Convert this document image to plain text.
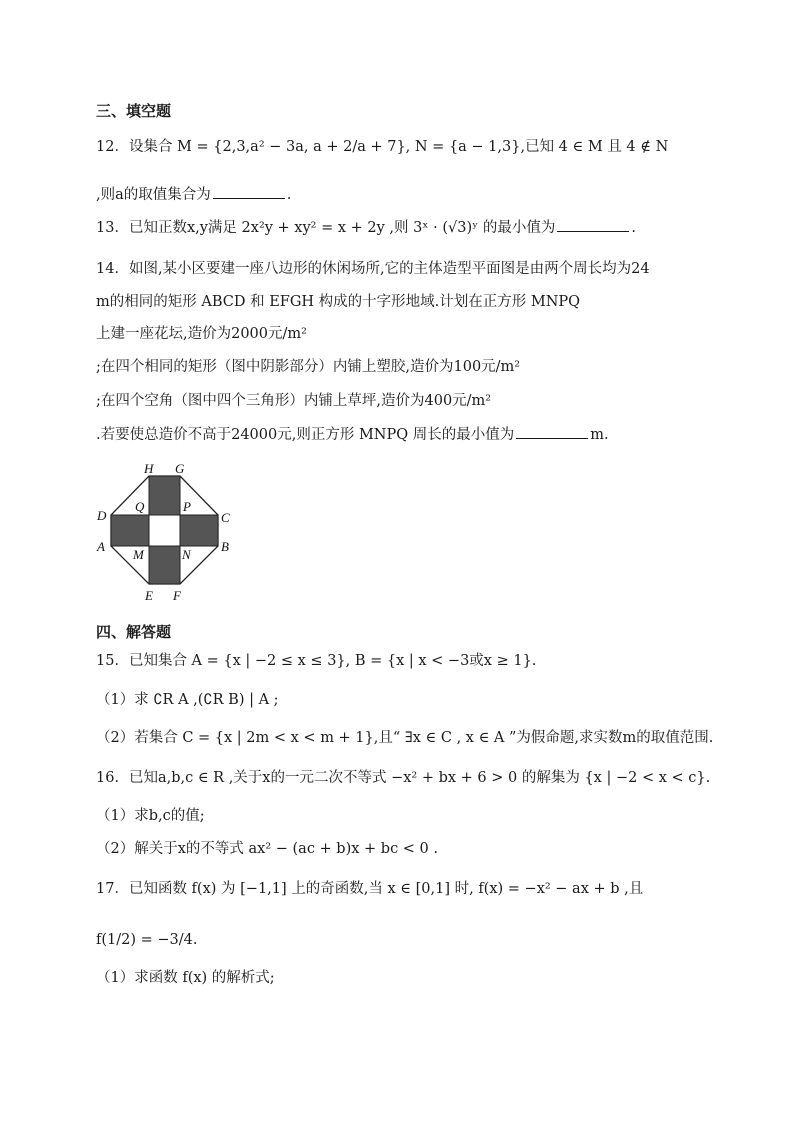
三、填空题
12．设集合 M = {2,3,a² − 3a, a + 2/a + 7}, N = {a − 1,3},已知 4 ∈ M 且 4 ∉ N
,则a的取值集合为	.
13．已知正数x,y满足 2x²y + xy² = x + 2y ,则 3ˣ · (√3)ʸ 的最小值为	.
14．如图,某小区要建一座八边形的休闲场所,它的主体造型平面图是由两个周长均为24
m的相同的矩形 ABCD 和 EFGH 构成的十字形地域.计划在正方形 MNPQ
上建一座花坛,造价为2000元/m²
;在四个相同的矩形（图中阴影部分）内铺上塑胶,造价为100元/m²
;在四个空角（图中四个三角形）内铺上草坪,造价为400元/m²
.若要使总造价不高于24000元,则正方形 MNPQ 周长的最小值为	m.
H G
Q	P
D	C
A	B
M	N
E F
四、解答题
15．已知集合 A = {x | −2 ≤ x ≤ 3}, B = {x | x < −3或x ≥ 1}.
（1）求 ∁R A ,(∁R B) | A ;
（2）若集合 C = {x | 2m < x < m + 1},且“ ∃x ∈ C , x ∈ A ”为假命题,求实数m的取值范围.
16．已知a,b,c ∈ R ,关于x的一元二次不等式 −x² + bx + 6 > 0 的解集为 {x | −2 < x < c}.
（1）求b,c的值;
（2）解关于x的不等式 ax² − (ac + b)x + bc < 0 .
17．已知函数 f(x) 为 [−1,1] 上的奇函数,当 x ∈ [0,1] 时, f(x) = −x² − ax + b ,且
f(1/2) = −3/4.
（1）求函数 f(x) 的解析式;
